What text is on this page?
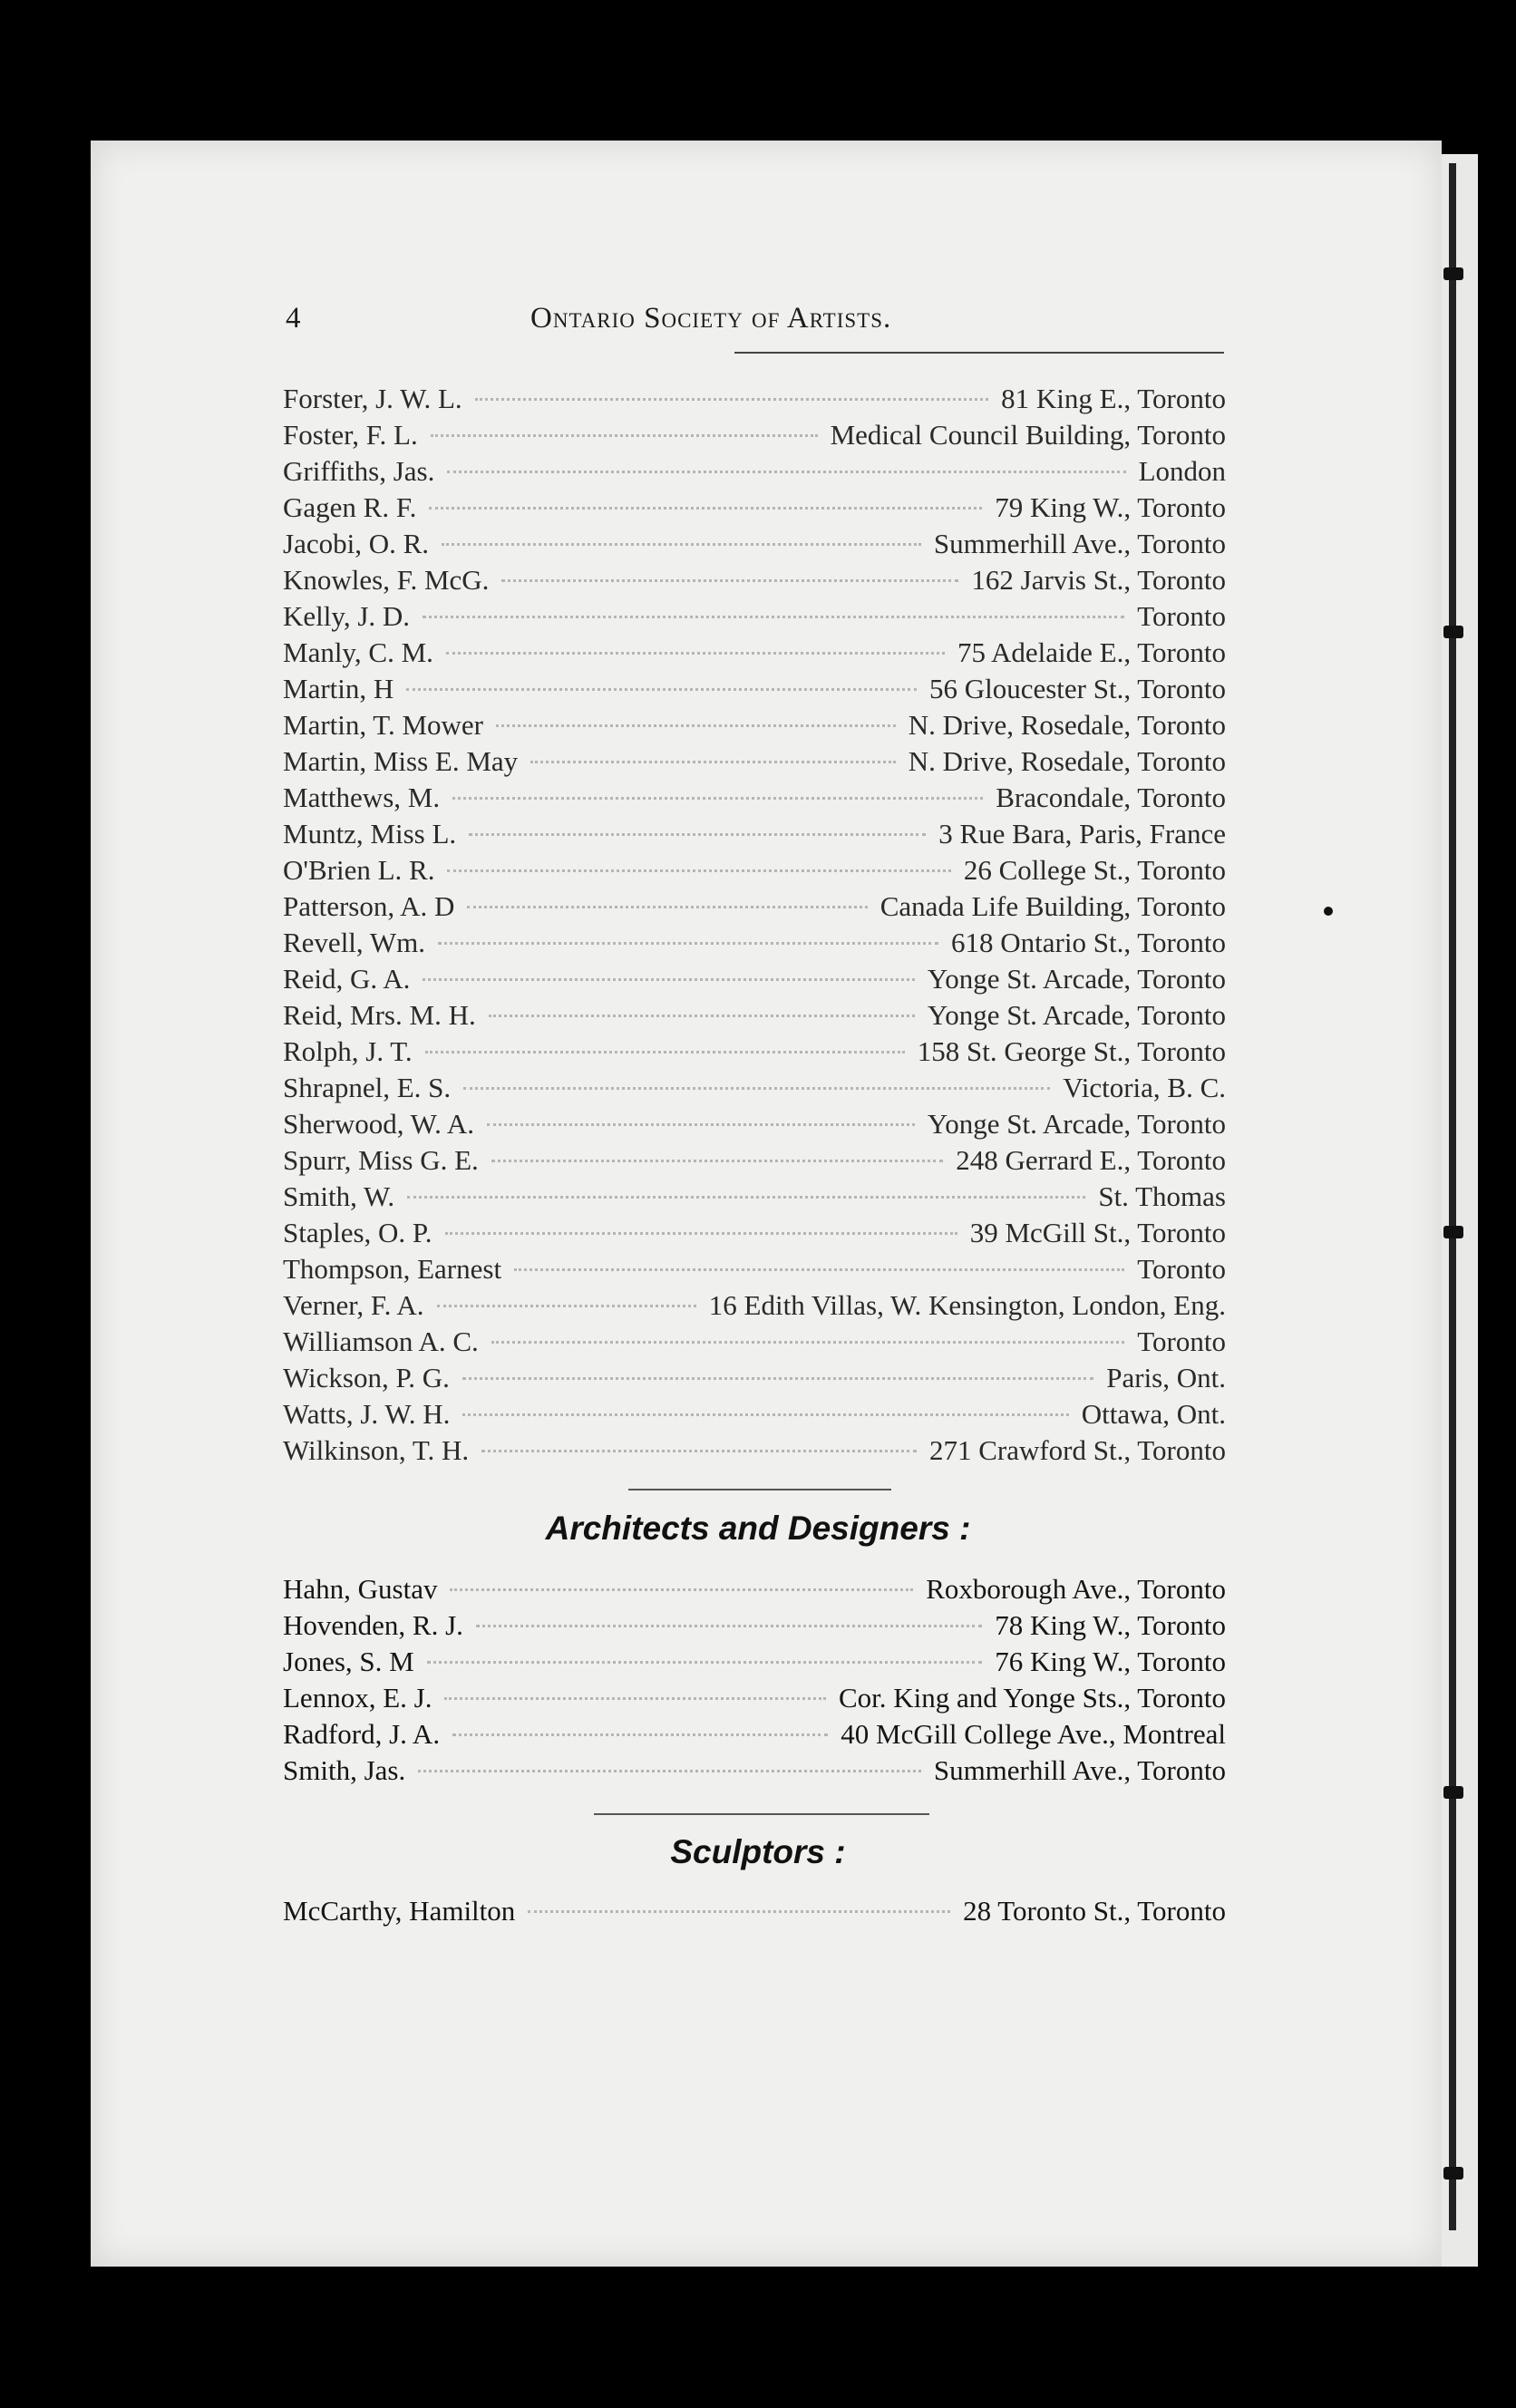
4	Ontario Society of Artists.
Forster, J. W. L.	81 King E., Toronto
Foster, F. L.	Medical Council Building, Toronto
Griffiths, Jas.	London
Gagen R. F.	79 King W., Toronto
Jacobi, O. R.	Summerhill Ave., Toronto
Knowles, F. McG.	162 Jarvis St., Toronto
Kelly, J. D.	Toronto
Manly, C. M.	75 Adelaide E., Toronto
Martin, H	56 Gloucester St., Toronto
Martin, T. Mower	N. Drive, Rosedale, Toronto
Martin, Miss E. May	N. Drive, Rosedale, Toronto
Matthews, M.	Bracondale, Toronto
Muntz, Miss L.	3 Rue Bara, Paris, France
O'Brien L. R.	26 College St., Toronto
Patterson, A. D	Canada Life Building, Toronto
Revell, Wm.	618 Ontario St., Toronto
Reid, G. A.	Yonge St. Arcade, Toronto
Reid, Mrs. M. H.	Yonge St. Arcade, Toronto
Rolph, J. T.	158 St. George St., Toronto
Shrapnel, E. S.	Victoria, B. C.
Sherwood, W. A.	Yonge St. Arcade, Toronto
Spurr, Miss G. E.	248 Gerrard E., Toronto
Smith, W.	St. Thomas
Staples, O. P.	39 McGill St., Toronto
Thompson, Earnest	Toronto
Verner, F. A.	16 Edith Villas, W. Kensington, London, Eng.
Williamson A. C.	Toronto
Wickson, P. G.	Paris, Ont.
Watts, J. W. H.	Ottawa, Ont.
Wilkinson, T. H.	271 Crawford St., Toronto
Architects and Designers :
Hahn, Gustav	Roxborough Ave., Toronto
Hovenden, R. J.	78 King W., Toronto
Jones, S. M	76 King W., Toronto
Lennox, E. J.	Cor. King and Yonge Sts., Toronto
Radford, J. A.	40 McGill College Ave., Montreal
Smith, Jas.	Summerhill Ave., Toronto
Sculptors :
McCarthy, Hamilton	28 Toronto St., Toronto
